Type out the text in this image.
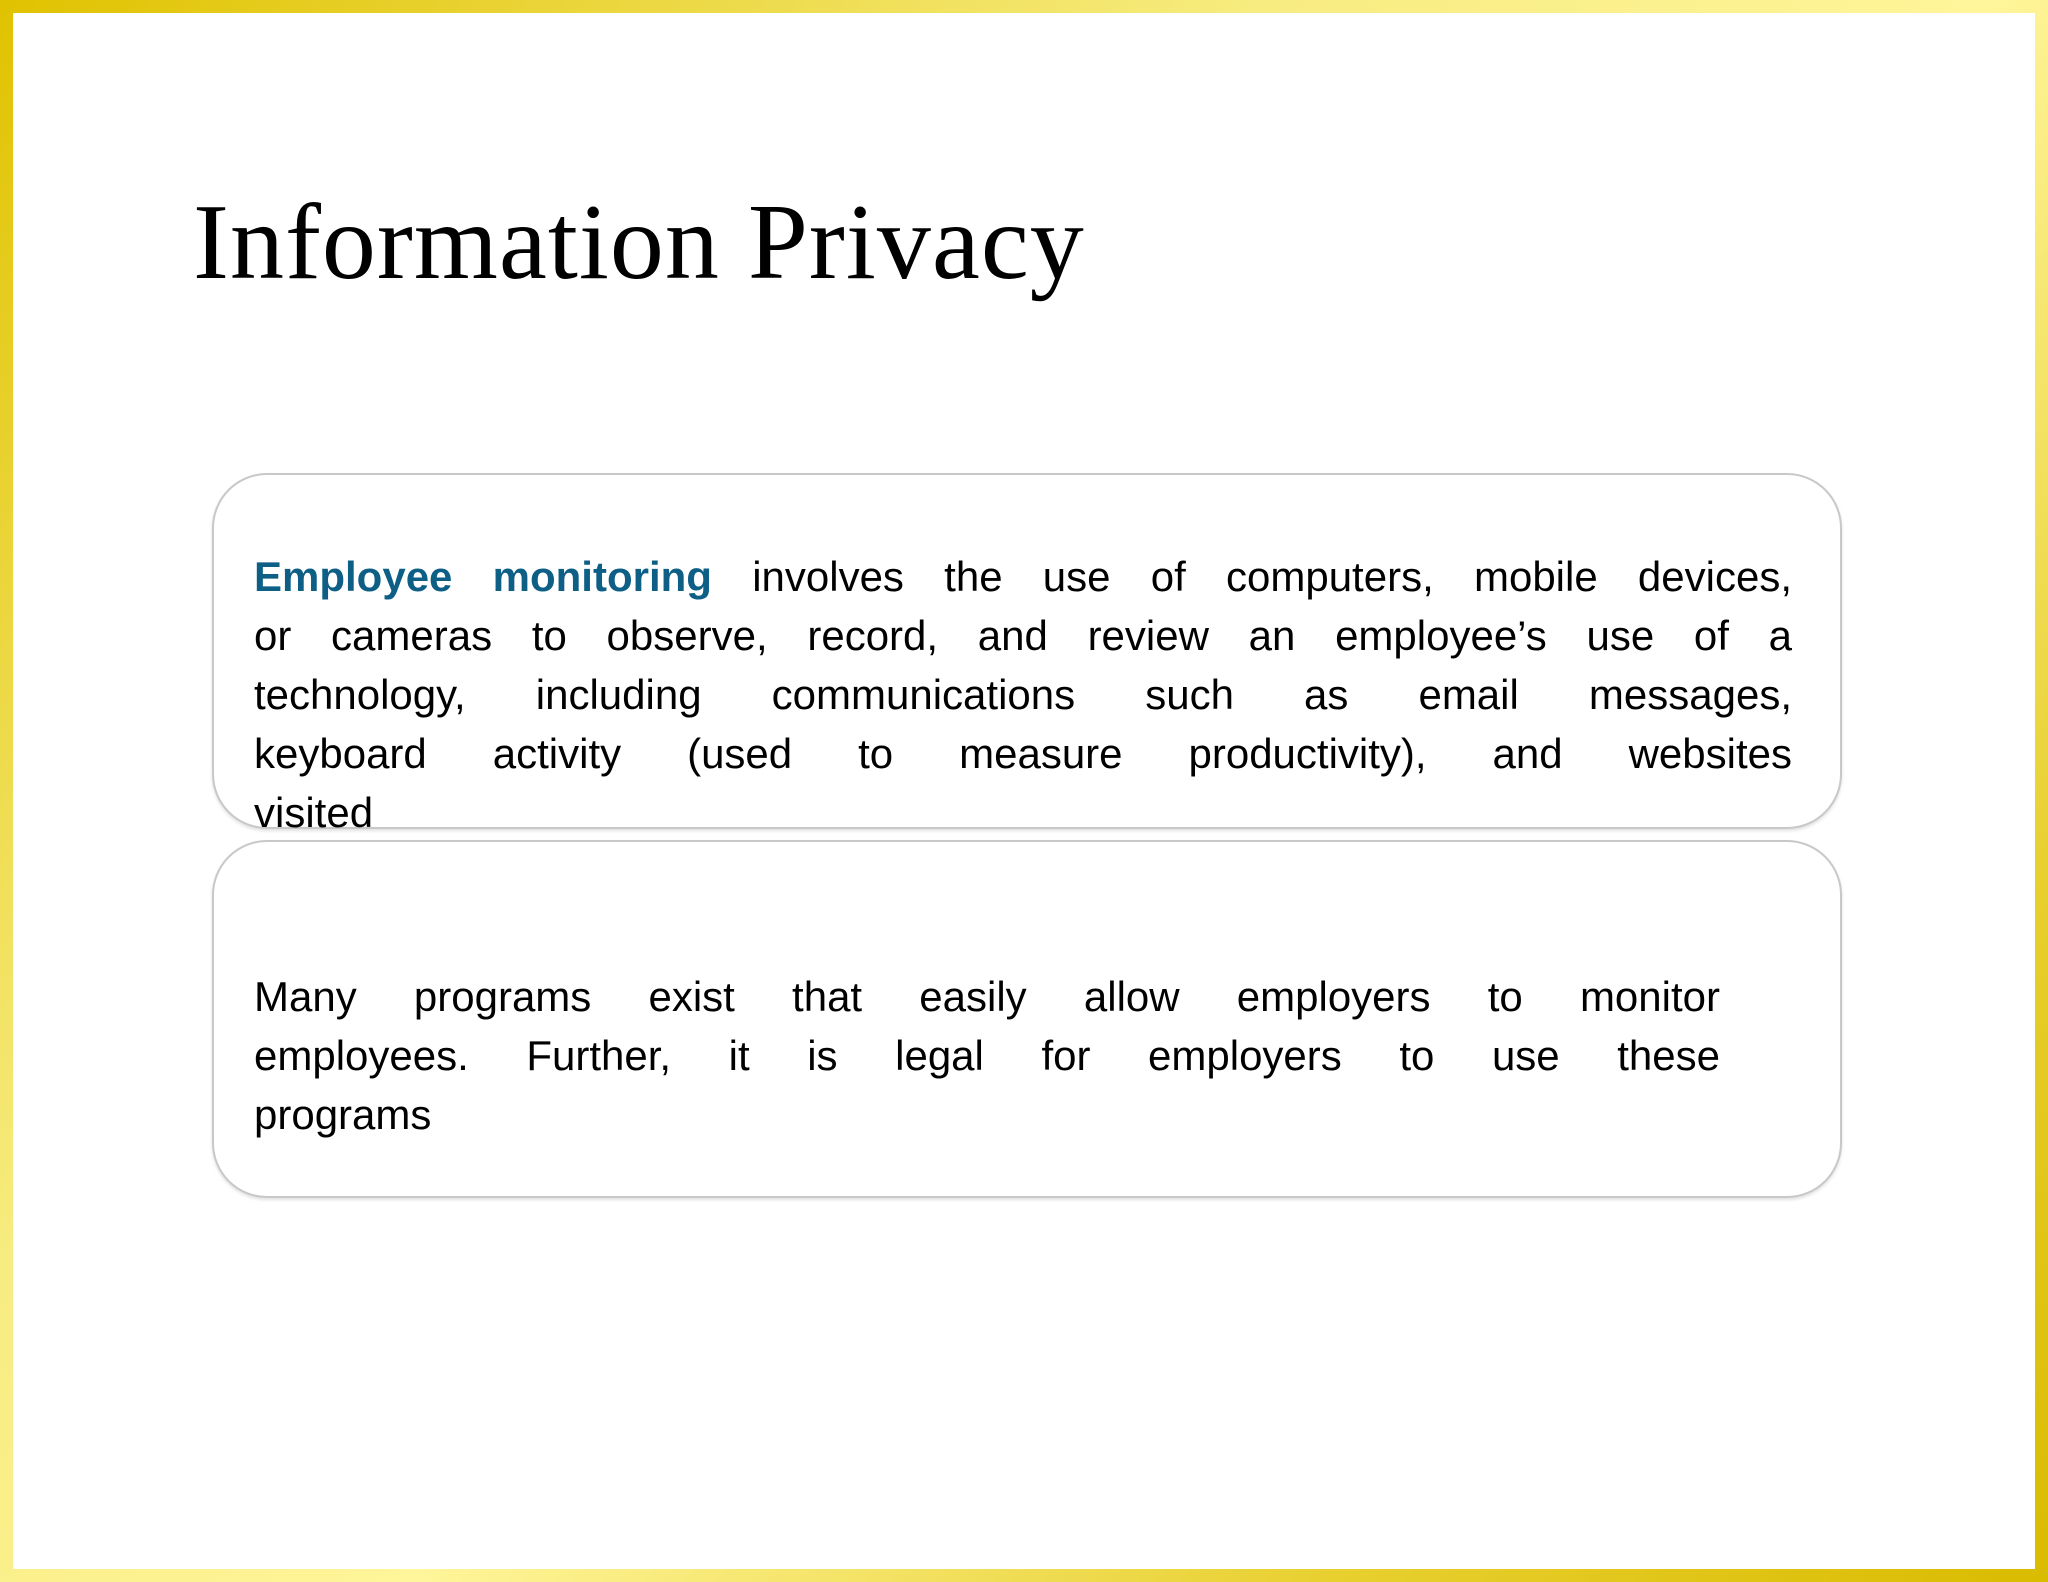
Information Privacy
Employee monitoring involves the use of computers, mobile devices,
or cameras to observe, record, and review an employee’s use of a
technology, including communications such as email messages,
keyboard activity (used to measure productivity), and websites
visited
Many programs exist that easily allow employers to monitor
employees. Further, it is legal for employers to use these
programs
